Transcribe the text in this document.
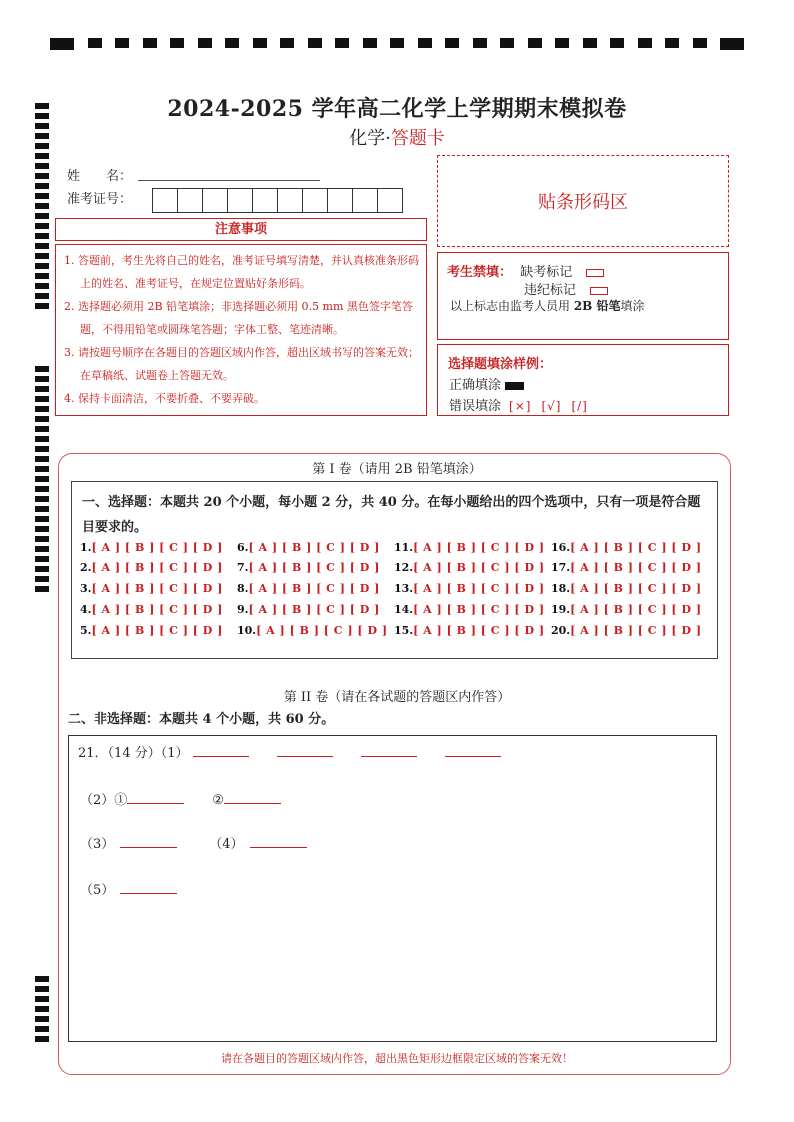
2024-2025 学年高二化学上学期期末模拟卷
化学·答题卡
姓　　名：
准考证号：
注意事项

1. 答题前，考生先将自己的姓名，准考证号填写清楚，并认真核准条形码上的姓名、准考证号，在规定位置贴好条形码。

2. 选择题必须用 2B 铅笔填涂；非选择题必须用 0.5 mm 黑色签字笔答题，不得用铅笔或圆珠笔答题；字体工整、笔迹清晰。

3. 请按题号顺序在各题目的答题区域内作答，超出区域书写的答案无效；在草稿纸、试题卷上答题无效。

4. 保持卡面清洁，不要折叠、不要弄破。

贴条形码区
考生禁填： 缺考标记
违纪标记
以上标志由监考人员用 2B 铅笔填涂
选择题填涂样例：
正确填涂
错误填涂 [×] [√] [/]
第 I 卷（请用 2B 铅笔填涂）
一、选择题：本题共 20 个小题，每小题 2 分，共 40 分。在每小题给出的四个选项中，只有一项是符合题目要求的。
1.[ A ] [ B ] [ C ] [ D ]
2.[ A ] [ B ] [ C ] [ D ]
3.[ A ] [ B ] [ C ] [ D ]
4.[ A ] [ B ] [ C ] [ D ]
5.[ A ] [ B ] [ C ] [ D ]
6.[ A ] [ B ] [ C ] [ D ]
7.[ A ] [ B ] [ C ] [ D ]
8.[ A ] [ B ] [ C ] [ D ]
9.[ A ] [ B ] [ C ] [ D ]
10.[ A ] [ B ] [ C ] [ D ]
11.[ A ] [ B ] [ C ] [ D ]
12.[ A ] [ B ] [ C ] [ D ]
13.[ A ] [ B ] [ C ] [ D ]
14.[ A ] [ B ] [ C ] [ D ]
15.[ A ] [ B ] [ C ] [ D ]
16.[ A ] [ B ] [ C ] [ D ]
17.[ A ] [ B ] [ C ] [ D ]
18.[ A ] [ B ] [ C ] [ D ]
19.[ A ] [ B ] [ C ] [ D ]
20.[ A ] [ B ] [ C ] [ D ]
第 II 卷（请在各试题的答题区内作答）
二、非选择题：本题共 4 个小题，共 60 分。
21．（14 分）（1）
（2）①	②
（3）	（4）
（5）
请在各题目的答题区域内作答，超出黑色矩形边框限定区域的答案无效！
